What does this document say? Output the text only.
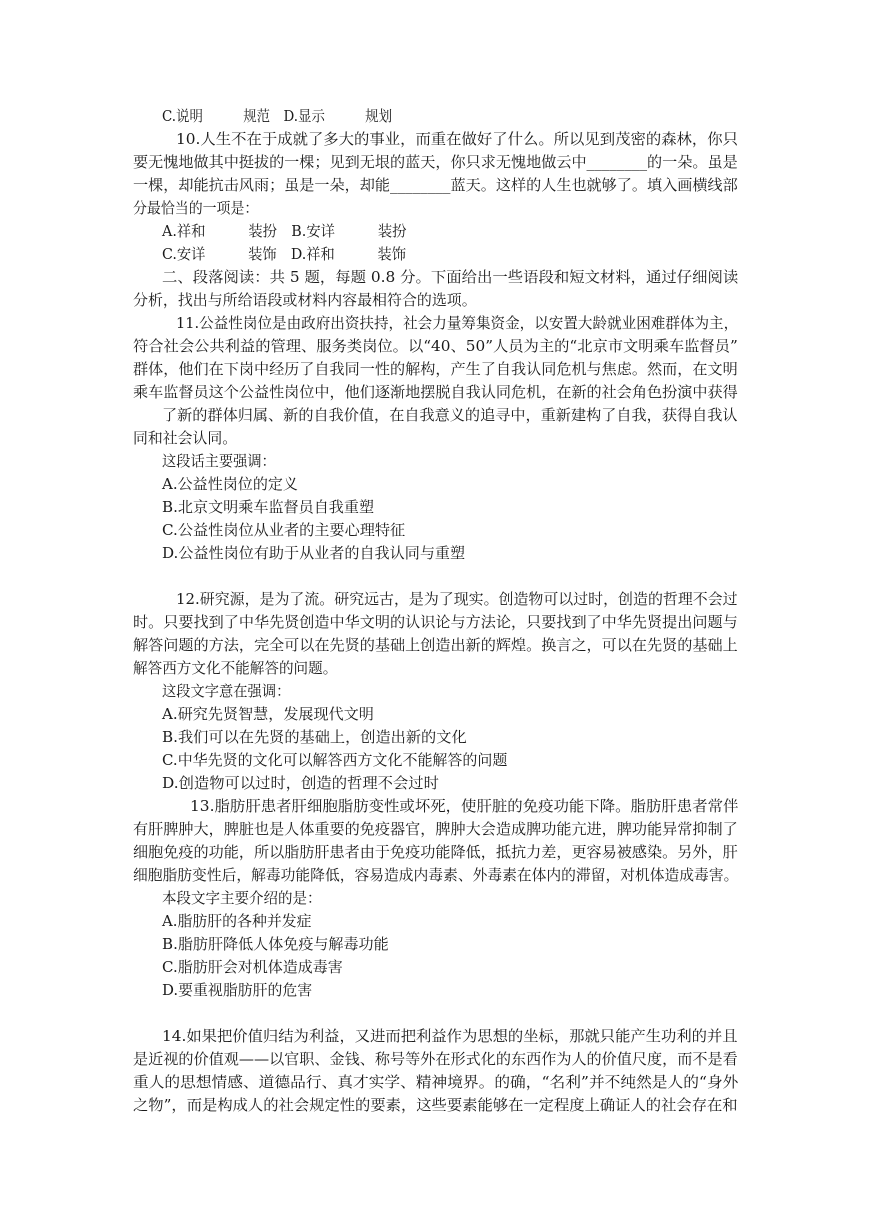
C.说明　　　规范　D.显示　　　规划
10.人生不在于成就了多大的事业，而重在做好了什么。所以见到茂密的森林，你只
要无愧地做其中挺拔的一棵；见到无垠的蓝天，你只求无愧地做云中________的一朵。虽是
一棵，却能抗击风雨；虽是一朵，却能________蓝天。这样的人生也就够了。填入画横线部
分最恰当的一项是：
A.祥和　　　装扮　B.安详　　　装扮
C.安详　　　装饰　D.祥和　　　装饰
二、段落阅读：共 5 题，每题 0.8 分。下面给出一些语段和短文材料，通过仔细阅读
分析，找出与所给语段或材料内容最相符合的选项。
11.公益性岗位是由政府出资扶持，社会力量筹集资金，以安置大龄就业困难群体为主，
符合社会公共利益的管理、服务类岗位。以“40、50”人员为主的“北京市文明乘车监督员”
群体，他们在下岗中经历了自我同一性的解构，产生了自我认同危机与焦虑。然而，在文明
乘车监督员这个公益性岗位中，他们逐渐地摆脱自我认同危机，在新的社会角色扮演中获得
了新的群体归属、新的自我价值，在自我意义的追寻中，重新建构了自我，获得自我认
同和社会认同。
这段话主要强调：
A.公益性岗位的定义
B.北京文明乘车监督员自我重塑
C.公益性岗位从业者的主要心理特征
D.公益性岗位有助于从业者的自我认同与重塑
12.研究源，是为了流。研究远古，是为了现实。创造物可以过时，创造的哲理不会过
时。只要找到了中华先贤创造中华文明的认识论与方法论，只要找到了中华先贤提出问题与
解答问题的方法，完全可以在先贤的基础上创造出新的辉煌。换言之，可以在先贤的基础上
解答西方文化不能解答的问题。
这段文字意在强调：
A.研究先贤智慧，发展现代文明
B.我们可以在先贤的基础上，创造出新的文化
C.中华先贤的文化可以解答西方文化不能解答的问题
D.创造物可以过时，创造的哲理不会过时
13.脂肪肝患者肝细胞脂肪变性或坏死，使肝脏的免疫功能下降。脂肪肝患者常伴
有肝脾肿大，脾脏也是人体重要的免疫器官，脾肿大会造成脾功能亢进，脾功能异常抑制了
细胞免疫的功能，所以脂肪肝患者由于免疫功能降低，抵抗力差，更容易被感染。另外，肝
细胞脂肪变性后，解毒功能降低，容易造成内毒素、外毒素在体内的滞留，对机体造成毒害。
本段文字主要介绍的是：
A.脂肪肝的各种并发症
B.脂肪肝降低人体免疫与解毒功能
C.脂肪肝会对机体造成毒害
D.要重视脂肪肝的危害
14.如果把价值归结为利益，又进而把利益作为思想的坐标，那就只能产生功利的并且
是近视的价值观——以官职、金钱、称号等外在形式化的东西作为人的价值尺度，而不是看
重人的思想情感、道德品行、真才实学、精神境界。的确，“名利”并不纯然是人的“身外
之物”，而是构成人的社会规定性的要素，这些要素能够在一定程度上确证人的社会存在和
